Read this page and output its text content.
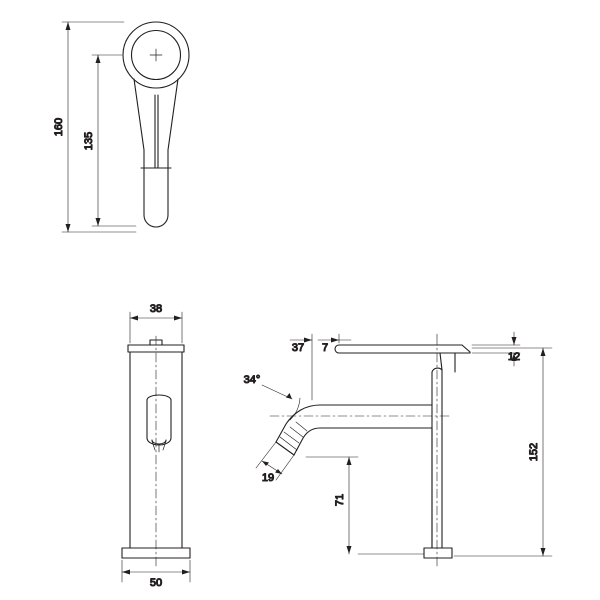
160
135
38
50
34°
19
37 7
12
152
71
